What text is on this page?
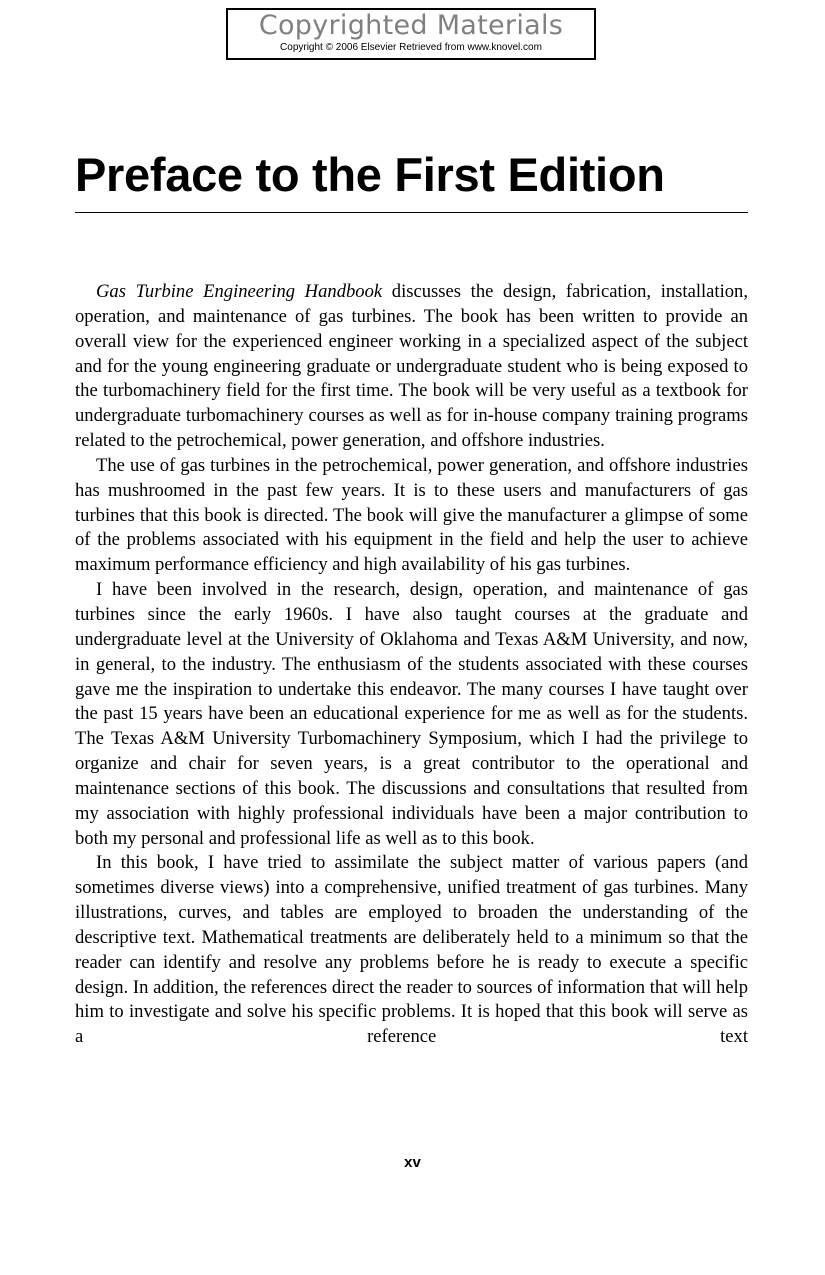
Copyrighted Materials
Copyright © 2006 Elsevier Retrieved from www.knovel.com
Preface to the First Edition

Gas Turbine Engineering Handbook discusses the design, fabrication, installation, operation, and maintenance of gas turbines. The book has been written to provide an overall view for the experienced engineer working in a specialized aspect of the subject and for the young engineering graduate or undergraduate student who is being exposed to the turbomachinery field for the first time. The book will be very useful as a textbook for undergraduate turbomachinery courses as well as for in-house company training programs related to the petrochemical, power generation, and offshore industries.

The use of gas turbines in the petrochemical, power generation, and offshore industries has mushroomed in the past few years. It is to these users and manufacturers of gas turbines that this book is directed. The book will give the manufacturer a glimpse of some of the problems associated with his equipment in the field and help the user to achieve maximum performance efficiency and high availability of his gas turbines.

I have been involved in the research, design, operation, and maintenance of gas turbines since the early 1960s. I have also taught courses at the graduate and undergraduate level at the University of Oklahoma and Texas A&M University, and now, in general, to the industry. The enthusiasm of the students associated with these courses gave me the inspiration to undertake this endeavor. The many courses I have taught over the past 15 years have been an educational experience for me as well as for the students. The Texas A&M University Turbomachinery Symposium, which I had the privilege to organize and chair for seven years, is a great contributor to the operational and maintenance sections of this book. The discussions and consultations that resulted from my association with highly professional individuals have been a major contribution to both my personal and professional life as well as to this book.

In this book, I have tried to assimilate the subject matter of various papers (and sometimes diverse views) into a comprehensive, unified treatment of gas turbines. Many illustrations, curves, and tables are employed to broaden the understanding of the descriptive text. Mathematical treatments are deliberately held to a minimum so that the reader can identify and resolve any problems before he is ready to execute a specific design. In addition, the references direct the reader to sources of information that will help him to investigate and solve his specific problems. It is hoped that this book will serve as a reference text

xv
